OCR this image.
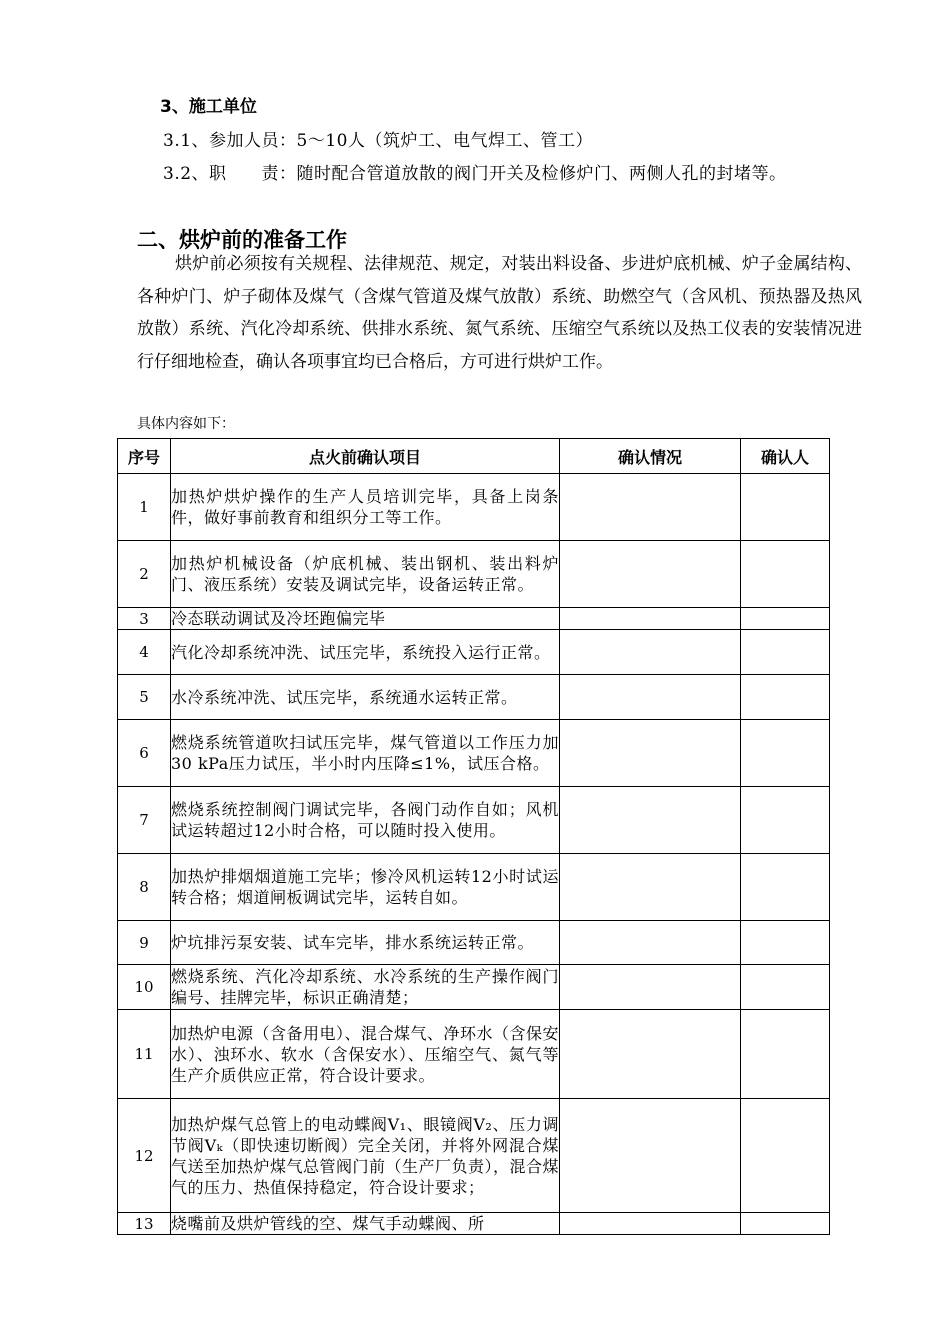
3、施工单位
3.1、参加人员：5～10人（筑炉工、电气焊工、管工）
3.2、职　　责：随时配合管道放散的阀门开关及检修炉门、两侧人孔的封堵等。
二、烘炉前的准备工作
烘炉前必须按有关规程、法律规范、规定，对装出料设备、步进炉底机械、炉子金属结构、各种炉门、炉子砌体及煤气（含煤气管道及煤气放散）系统、助燃空气（含风机、预热器及热风放散）系统、汽化冷却系统、供排水系统、氮气系统、压缩空气系统以及热工仪表的安装情况进行仔细地检查，确认各项事宜均已合格后，方可进行烘炉工作。
具体内容如下：
序号	点火前确认项目	确认情况	确认人
1	加热炉烘炉操作的生产人员培训完毕，具备上岗条件，做好事前教育和组织分工等工作。		
2	加热炉机械设备（炉底机械、装出钢机、装出料炉门、液压系统）安装及调试完毕，设备运转正常。		
3	冷态联动调试及冷坯跑偏完毕		
4	汽化冷却系统冲洗、试压完毕，系统投入运行正常。		
5	水冷系统冲洗、试压完毕，系统通水运转正常。		
6	燃烧系统管道吹扫试压完毕，煤气管道以工作压力加30 kPa压力试压，半小时内压降≤1%，试压合格。		
7	燃烧系统控制阀门调试完毕，各阀门动作自如；风机试运转超过12小时合格，可以随时投入使用。		
8	加热炉排烟烟道施工完毕；惨冷风机运转12小时试运转合格；烟道闸板调试完毕，运转自如。		
9	炉坑排污泵安装、试车完毕，排水系统运转正常。		
10	燃烧系统、汽化冷却系统、水冷系统的生产操作阀门编号、挂牌完毕，标识正确清楚；		
11	加热炉电源（含备用电）、混合煤气、净环水（含保安水）、浊环水、软水（含保安水）、压缩空气、氮气等生产介质供应正常，符合设计要求。		
12	加热炉煤气总管上的电动蝶阀V₁、眼镜阀V₂、压力调节阀Vₖ（即快速切断阀）完全关闭，并将外网混合煤气送至加热炉煤气总管阀门前（生产厂负责），混合煤气的压力、热值保持稳定，符合设计要求；		
13	烧嘴前及烘炉管线的空、煤气手动蝶阀、所		
